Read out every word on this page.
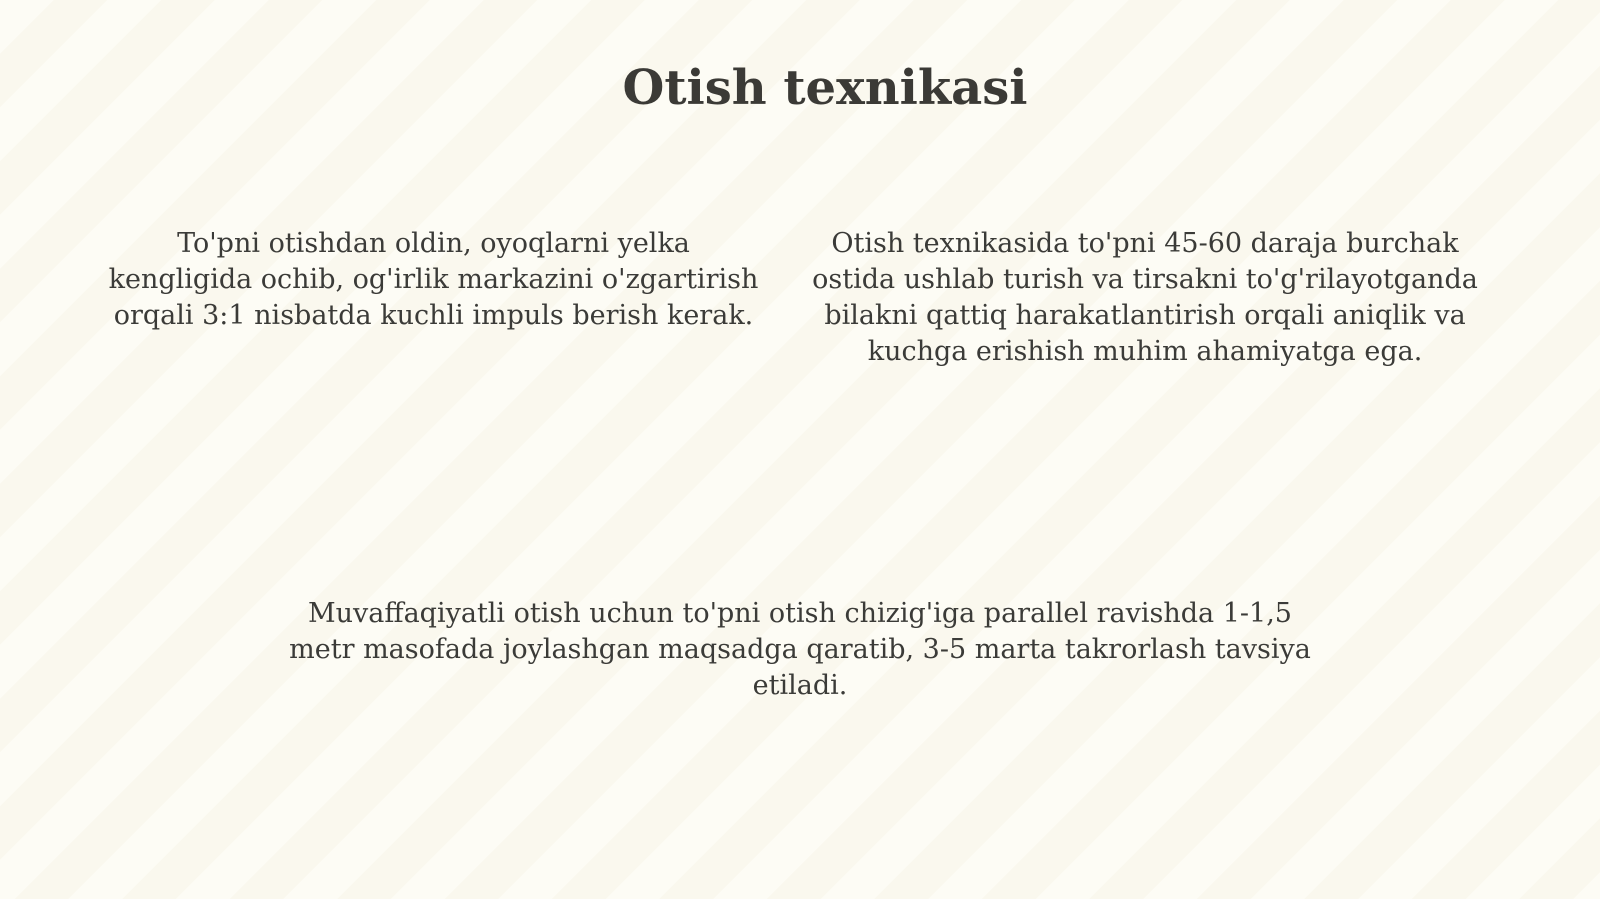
Otish texnikasi

To'pni otishdan oldin, oyoqlarni yelka kengligida ochib, og'irlik markazini o'zgartirish orqali 3:1 nisbatda kuchli impuls berish kerak.

Otish texnikasida to'pni 45-60 daraja burchak ostida ushlab turish va tirsakni to'g'rilayotganda bilakni qattiq harakatlantirish orqali aniqlik va kuchga erishish muhim ahamiyatga ega.

Muvaffaqiyatli otish uchun to'pni otish chizig'iga parallel ravishda 1-1,5 metr masofada joylashgan maqsadga qaratib, 3-5 marta takrorlash tavsiya etiladi.
